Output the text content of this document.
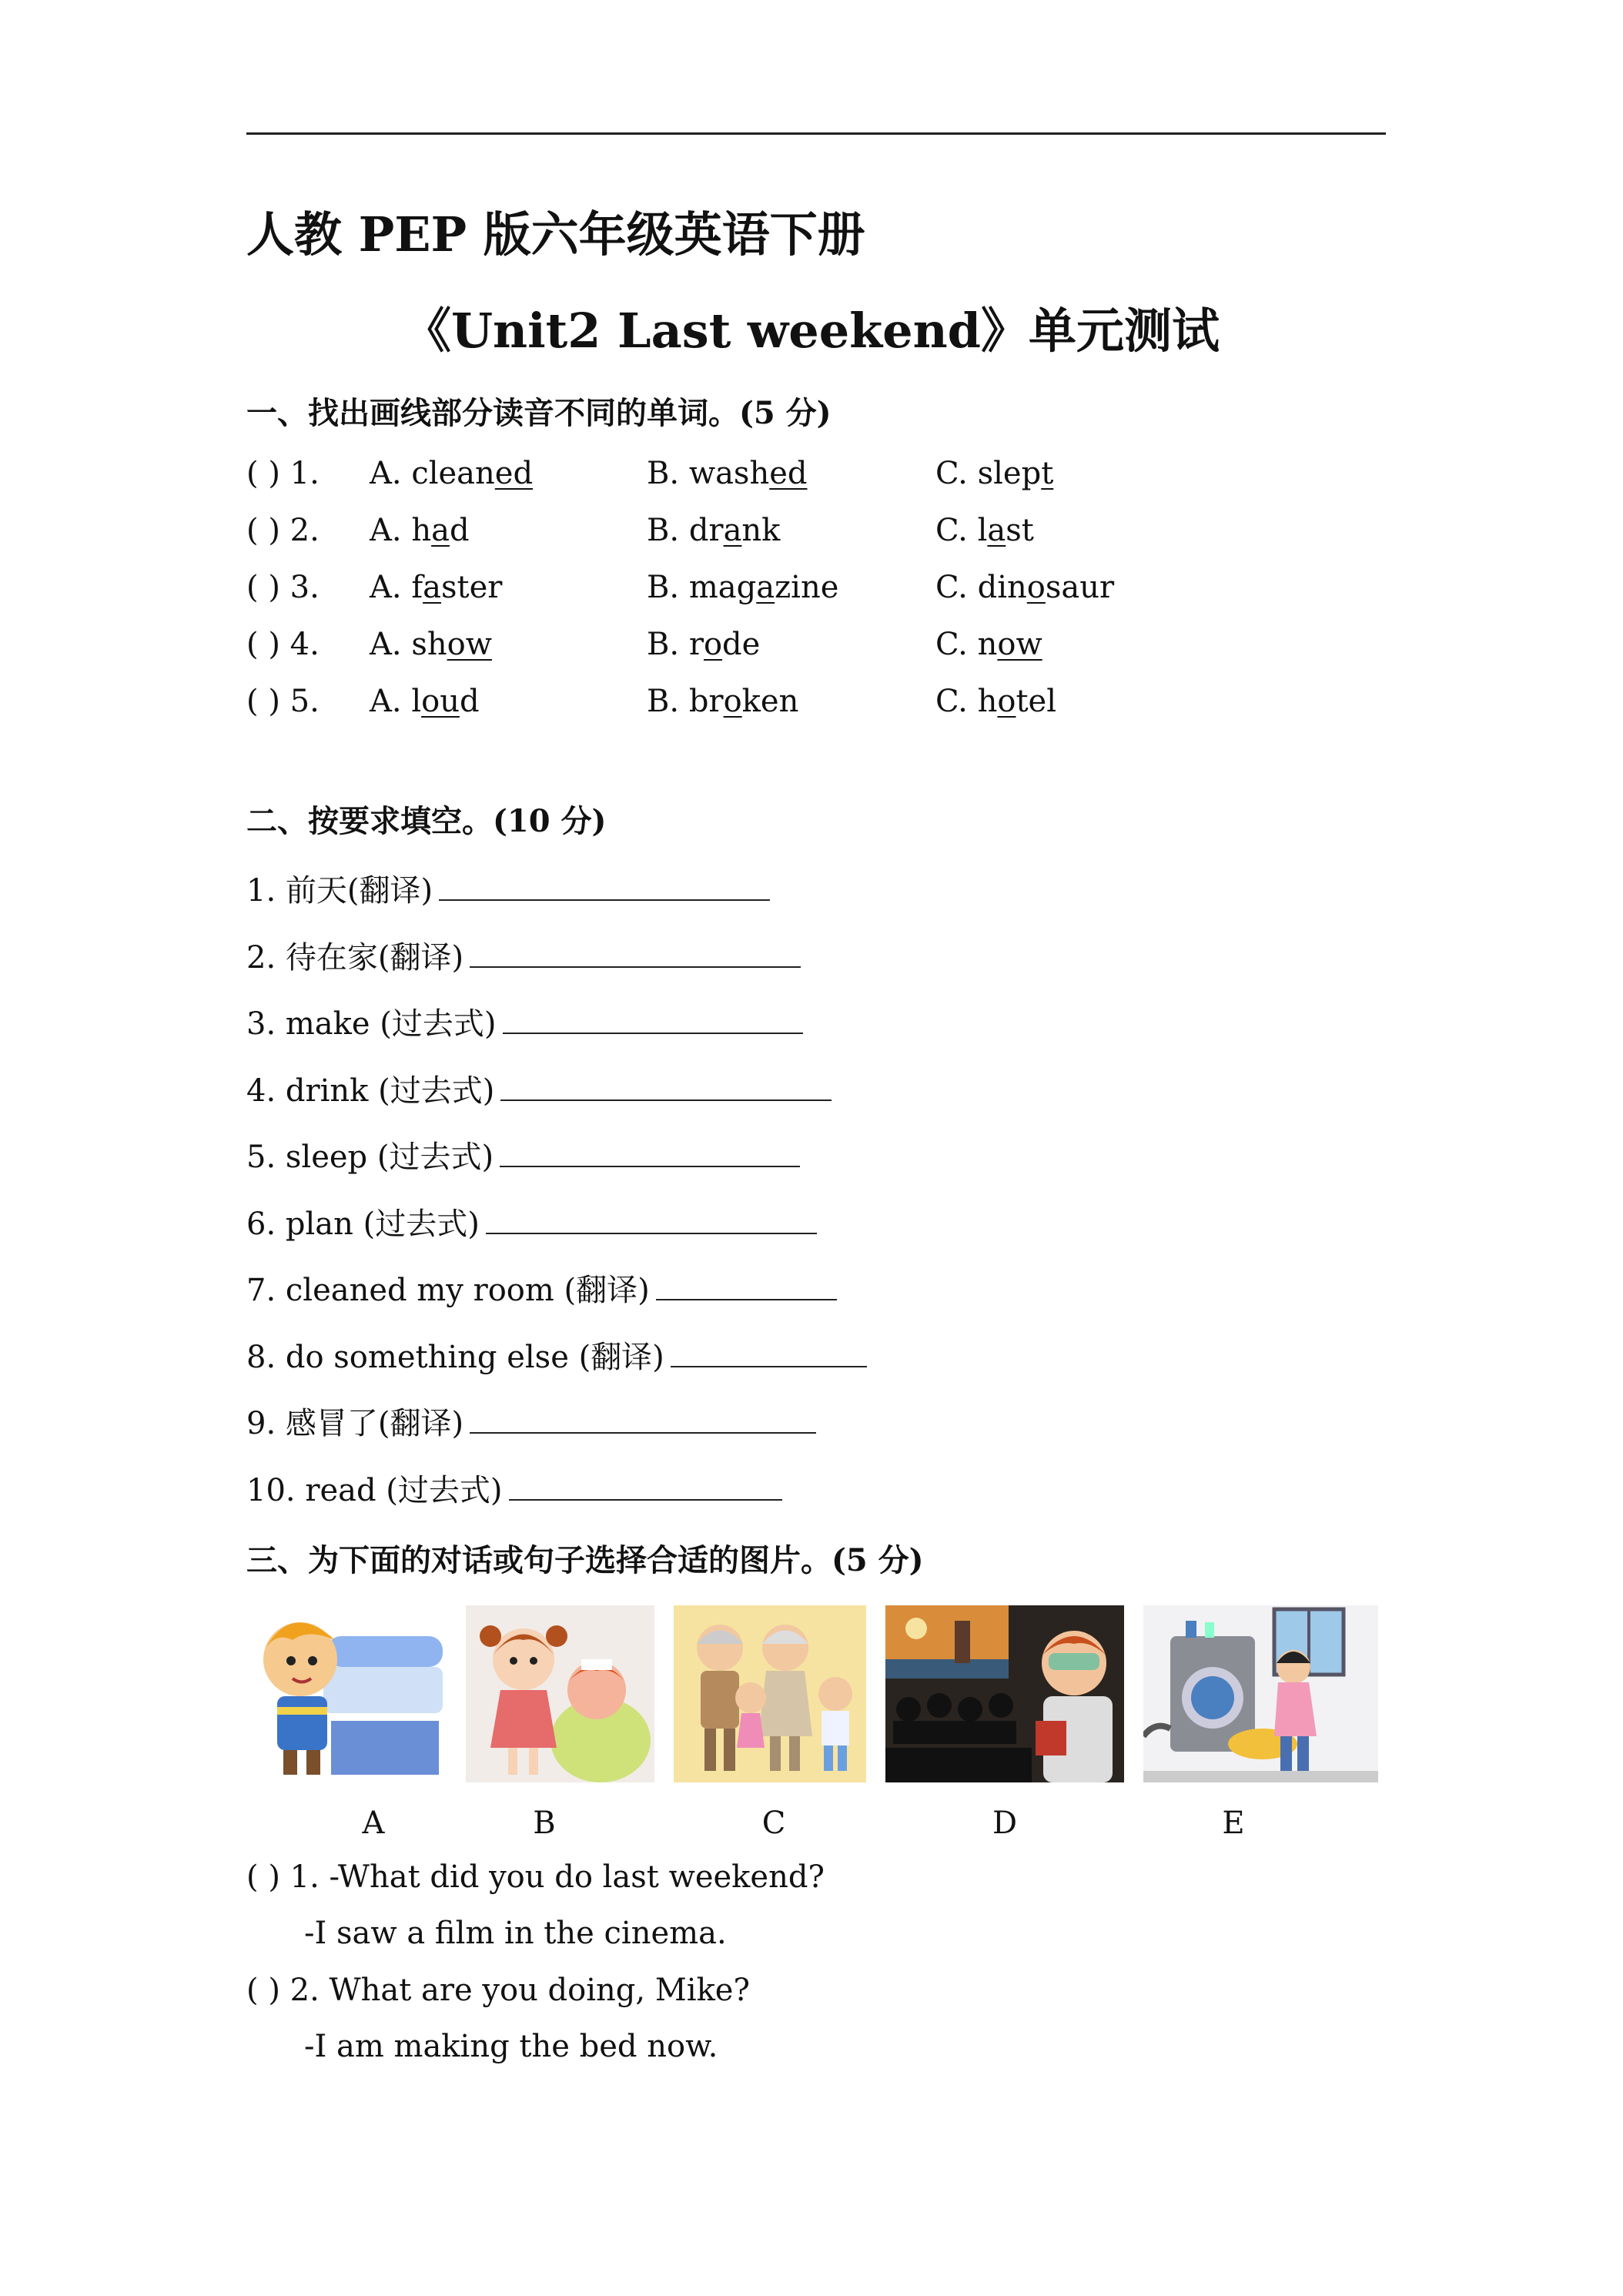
人教 PEP 版六年级英语下册
《Unit2 Last weekend》单元测试
一、找出画线部分读音不同的单词。(5 分)
( ) 1. A. cleaned	B. washed	C. slept
( ) 2. A. had	B. drank	C. last
( ) 3. A. faster	B. magazine	C. dinosaur
( ) 4. A. show	B. rode	C. now
( ) 5. A. loud	B. broken	C. hotel
二、按要求填空。(10 分)
1. 前天(翻译)
2. 待在家(翻译)
3. make (过去式)
4. drink (过去式)
5. sleep (过去式)
6. plan (过去式)
7. cleaned my room (翻译)
8. do something else (翻译)
9. 感冒了(翻译)
10. read (过去式)
三、为下面的对话或句子选择合适的图片。(5 分)
A	B	C	D	E
( ) 1. -What did you do last weekend?
-I saw a film in the cinema.
( ) 2. What are you doing, Mike?
-I am making the bed now.
